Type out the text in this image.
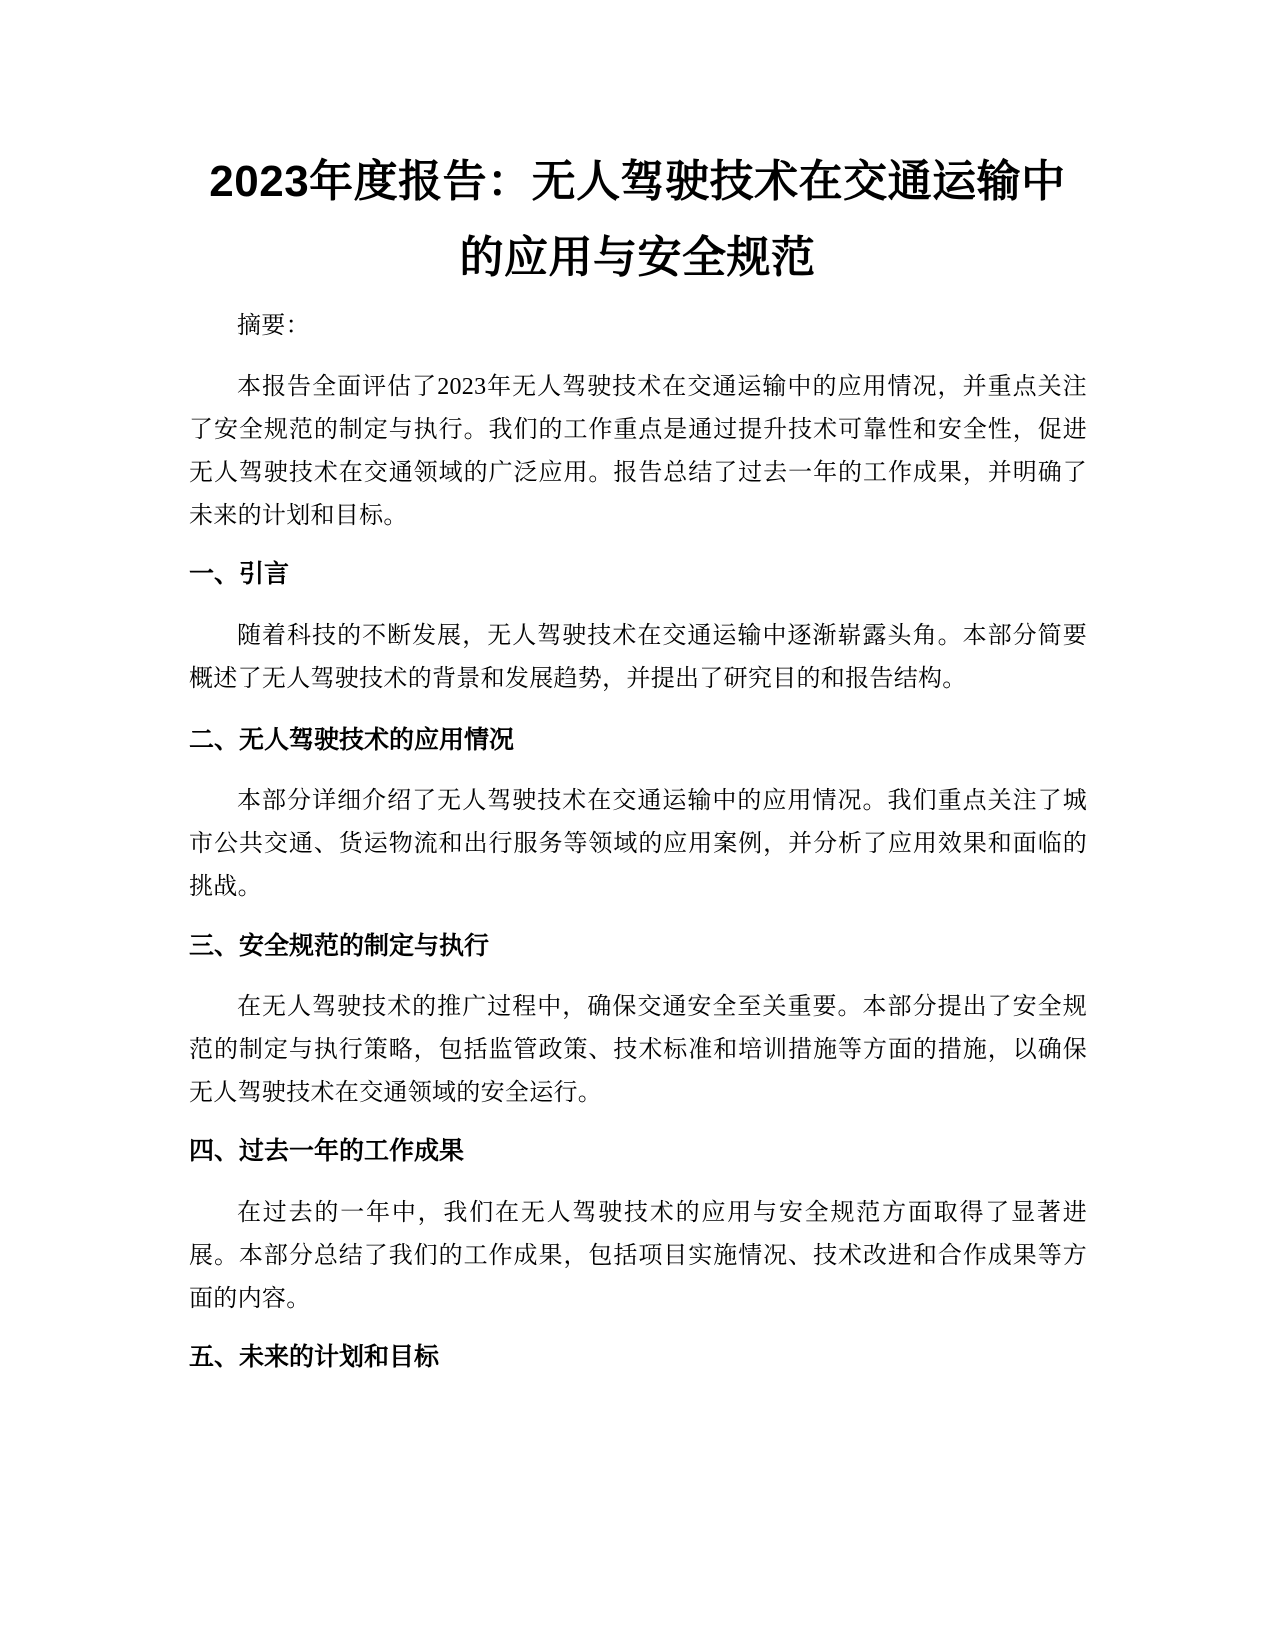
2023年度报告：无人驾驶技术在交通运输中
的应用与安全规范
摘要：
本报告全面评估了2023年无人驾驶技术在交通运输中的应用情况，并重点关注了安全规范的制定与执行。我们的工作重点是通过提升技术可靠性和安全性，促进无人驾驶技术在交通领域的广泛应用。报告总结了过去一年的工作成果，并明确了未来的计划和目标。
一、引言
随着科技的不断发展，无人驾驶技术在交通运输中逐渐崭露头角。本部分简要概述了无人驾驶技术的背景和发展趋势，并提出了研究目的和报告结构。
二、无人驾驶技术的应用情况
本部分详细介绍了无人驾驶技术在交通运输中的应用情况。我们重点关注了城市公共交通、货运物流和出行服务等领域的应用案例，并分析了应用效果和面临的挑战。
三、安全规范的制定与执行
在无人驾驶技术的推广过程中，确保交通安全至关重要。本部分提出了安全规范的制定与执行策略，包括监管政策、技术标准和培训措施等方面的措施，以确保无人驾驶技术在交通领域的安全运行。
四、过去一年的工作成果
在过去的一年中，我们在无人驾驶技术的应用与安全规范方面取得了显著进展。本部分总结了我们的工作成果，包括项目实施情况、技术改进和合作成果等方面的内容。
五、未来的计划和目标
